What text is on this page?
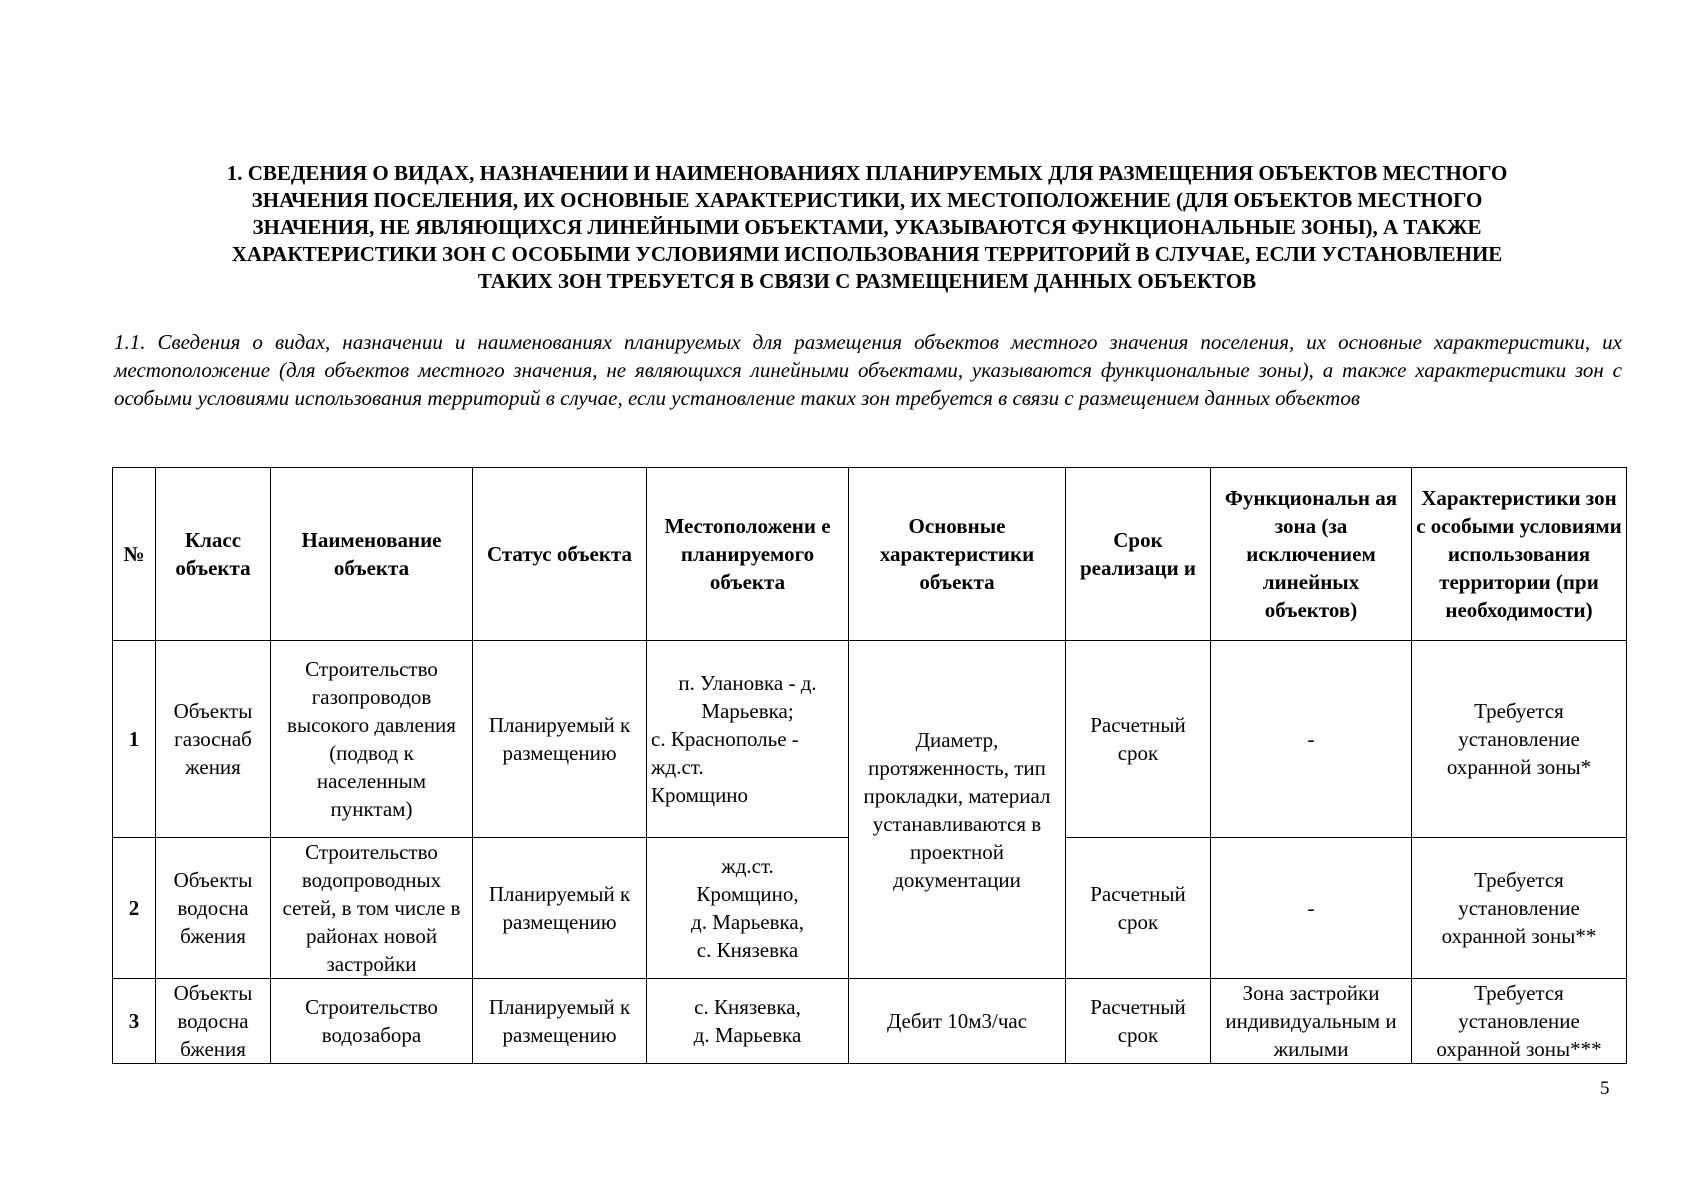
1. СВЕДЕНИЯ О ВИДАХ, НАЗНАЧЕНИИ И НАИМЕНОВАНИЯХ ПЛАНИРУЕМЫХ ДЛЯ РАЗМЕЩЕНИЯ ОБЪЕКТОВ МЕСТНОГО
ЗНАЧЕНИЯ ПОСЕЛЕНИЯ, ИХ ОСНОВНЫЕ ХАРАКТЕРИСТИКИ, ИХ МЕСТОПОЛОЖЕНИЕ (ДЛЯ ОБЪЕКТОВ МЕСТНОГО
ЗНАЧЕНИЯ, НЕ ЯВЛЯЮЩИХСЯ ЛИНЕЙНЫМИ ОБЪЕКТАМИ, УКАЗЫВАЮТСЯ ФУНКЦИОНАЛЬНЫЕ ЗОНЫ), А ТАКЖЕ
ХАРАКТЕРИСТИКИ ЗОН С ОСОБЫМИ УСЛОВИЯМИ ИСПОЛЬЗОВАНИЯ ТЕРРИТОРИЙ В СЛУЧАЕ, ЕСЛИ УСТАНОВЛЕНИЕ
ТАКИХ ЗОН ТРЕБУЕТСЯ В СВЯЗИ С РАЗМЕЩЕНИЕМ ДАННЫХ ОБЪЕКТОВ

1.1. Сведения о видах, назначении и наименованиях планируемых для размещения объектов местного значения поселения, их основные характеристики, их местоположение (для объектов местного значения, не являющихся линейными объектами, указываются функциональные зоны), а также характеристики зон с особыми условиями использования территорий в случае, если установление таких зон требуется в связи с размещением данных объектов

№	Класс объекта	Наименование объекта	Статус объекта	Местоположени е планируемого объекта	Основные характеристики объекта	Срок реализаци и	Функциональн ая зона (за исключением линейных объектов)	Характеристики зон с особыми условиями использования территории (при необходимости)
1	Объекты газоснаб жения	Строительство газопроводов высокого давления (подвод к населенным пунктам)	Планируемый к размещению	п. Улановка - д.
Марьевка;
с. Краснополье -
жд.ст.
Кромщино	Диаметр, протяженность, тип прокладки, материал устанавливаются в проектной документации	Расчетный срок	-	Требуется установление охранной зоны*
2	Объекты водосна бжения	Строительство водопроводных сетей, в том числе в районах новой застройки	Планируемый к размещению	жд.ст.
Кромщино,
д. Марьевка,
с. Князевка		Расчетный срок	-	Требуется установление охранной зоны**
3	Объекты водосна бжения	Строительство водозабора	Планируемый к размещению	с. Князевка,
д. Марьевка	Дебит 10м3/час	Расчетный срок	Зона застройки индивидуальным и жилыми	Требуется установление охранной зоны***
5
